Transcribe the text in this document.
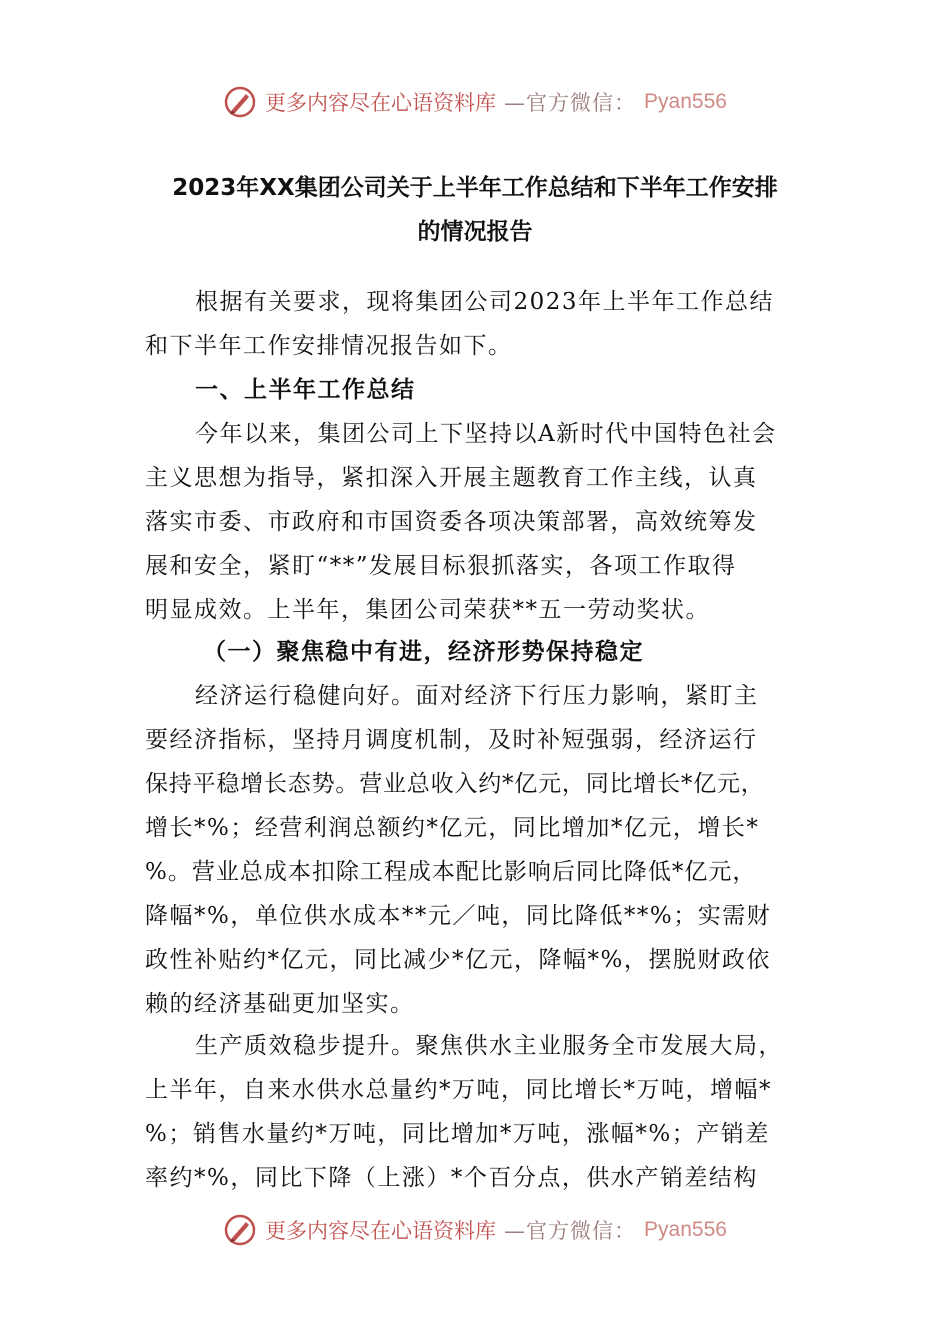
更多内容尽在心语资料库 —官方微信： Pyan556
2023年XX集团公司关于上半年工作总结和下半年工作安排
的情况报告
根据有关要求，现将集团公司2023年上半年工作总结
和下半年工作安排情况报告如下。
一、上半年工作总结
今年以来，集团公司上下坚持以A新时代中国特色社会
主义思想为指导，紧扣深入开展主题教育工作主线，认真
落实市委、市政府和市国资委各项决策部署，高效统筹发
展和安全，紧盯“**”发展目标狠抓落实，各项工作取得
明显成效。上半年，集团公司荣获**五一劳动奖状。
（一）聚焦稳中有进，经济形势保持稳定
经济运行稳健向好。面对经济下行压力影响，紧盯主
要经济指标，坚持月调度机制，及时补短强弱，经济运行
保持平稳增长态势。营业总收入约*亿元，同比增长*亿元，
增长*%；经营利润总额约*亿元，同比增加*亿元，增长*
%。营业总成本扣除工程成本配比影响后同比降低*亿元，
降幅*%，单位供水成本**元／吨，同比降低**%；实需财
政性补贴约*亿元，同比减少*亿元，降幅*%，摆脱财政依
赖的经济基础更加坚实。
生产质效稳步提升。聚焦供水主业服务全市发展大局，
上半年，自来水供水总量约*万吨，同比增长*万吨，增幅*
%；销售水量约*万吨，同比增加*万吨，涨幅*%；产销差
率约*%，同比下降（上涨）*个百分点，供水产销差结构
更多内容尽在心语资料库 —官方微信： Pyan556
